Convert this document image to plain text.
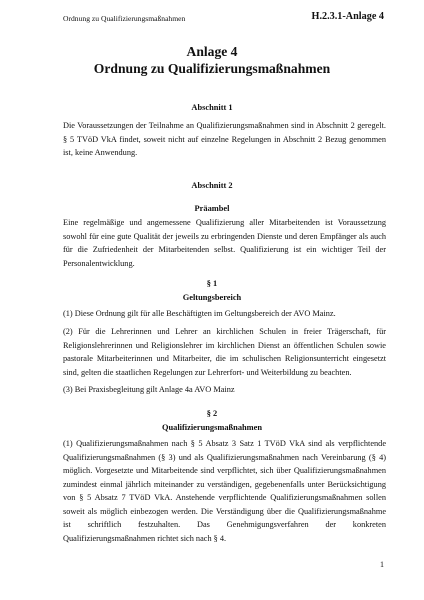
Ordnung zu Qualifizierungsmaßnahmen	H.2.3.1-Anlage 4
Anlage 4
Ordnung zu Qualifizierungsmaßnahmen
Abschnitt 1

Die Voraussetzungen der Teilnahme an Qualifizierungsmaßnahmen sind in Abschnitt 2 geregelt. § 5 TVöD VkA findet, soweit nicht auf einzelne Regelungen in Abschnitt 2 Bezug genommen ist, keine Anwendung.

Abschnitt 2
Präambel

Eine regelmäßige und angemessene Qualifizierung aller Mitarbeitenden ist Voraussetzung sowohl für eine gute Qualität der jeweils zu erbringenden Dienste und deren Empfänger als auch für die Zufriedenheit der Mitarbeitenden selbst. Qualifizierung ist ein wichtiger Teil der Personalentwicklung.

§ 1
Geltungsbereich

(1) Diese Ordnung gilt für alle Beschäftigten im Geltungsbereich der AVO Mainz.

(2) Für die Lehrerinnen und Lehrer an kirchlichen Schulen in freier Trägerschaft, für Religionslehrerinnen und Religionslehrer im kirchlichen Dienst an öffentlichen Schulen sowie pastorale Mitarbeiterinnen und Mitarbeiter, die im schulischen Religionsunterricht eingesetzt sind, gelten die staatlichen Regelungen zur Lehrerfort- und Weiterbildung zu beachten.

(3) Bei Praxisbegleitung gilt Anlage 4a AVO Mainz

§ 2
Qualifizierungsmaßnahmen

(1) Qualifizierungsmaßnahmen nach § 5 Absatz 3 Satz 1 TVöD VkA sind als verpflichtende Qualifizierungsmaßnahmen (§ 3) und als Qualifizierungsmaßnahmen nach Vereinbarung (§ 4) möglich. Vorgesetzte und Mitarbeitende sind verpflichtet, sich über Qualifizierungsmaßnahmen zumindest einmal jährlich miteinander zu verständigen, gegebenenfalls unter Berücksichtigung von § 5 Absatz 7 TVöD VkA. Anstehende verpflichtende Qualifizierungsmaßnahmen sollen soweit als möglich einbezogen werden. Die Verständigung über die Qualifizierungsmaßnahme ist schriftlich festzuhalten. Das Genehmigungsverfahren der konkreten Qualifizierungsmaßnahmen richtet sich nach § 4.

1
